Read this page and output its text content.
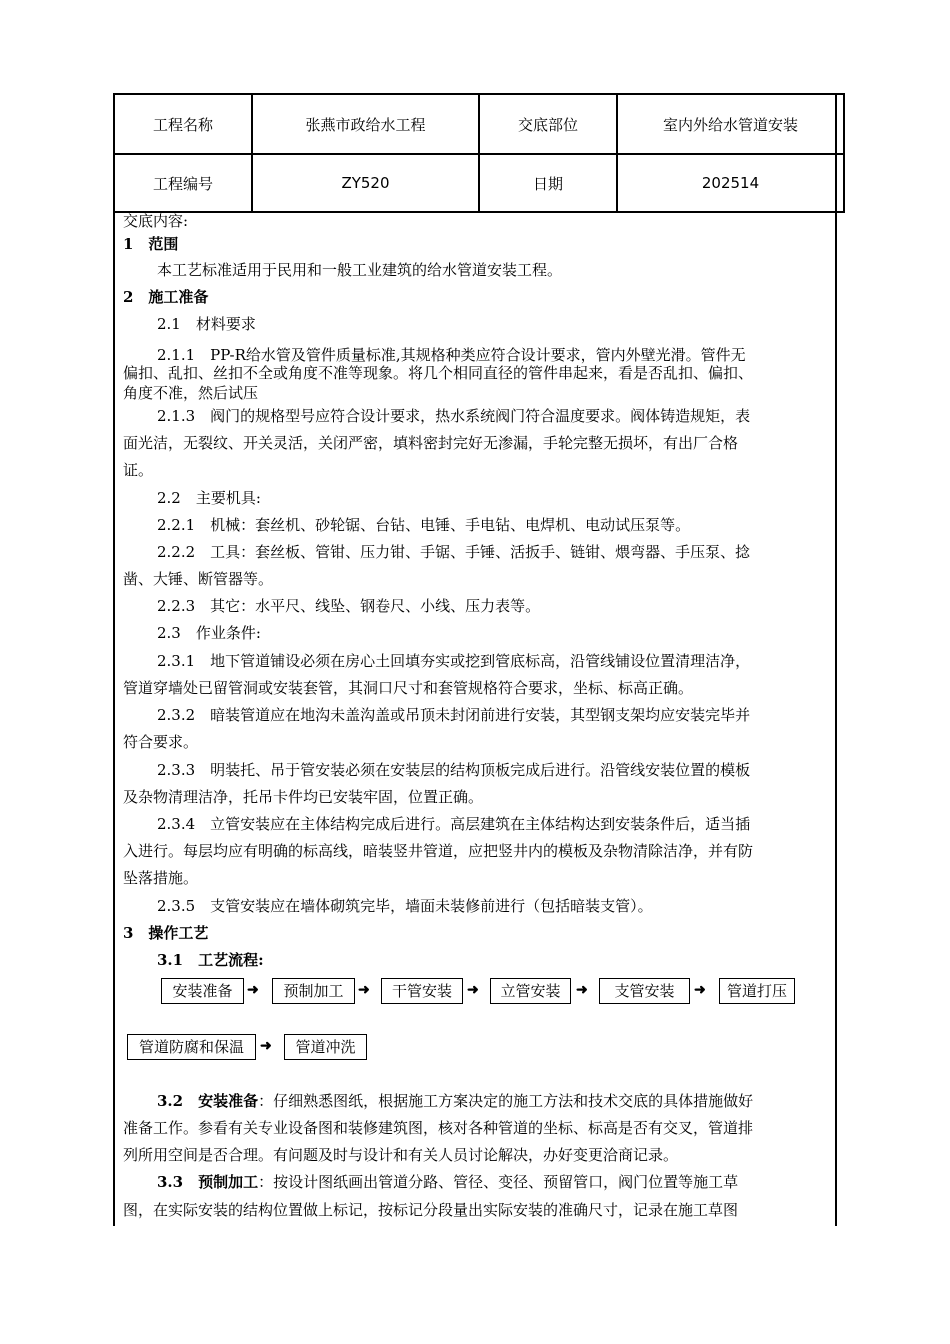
工程名称	张燕市政给水工程	交底部位	室内外给水管道安装
工程编号	ZY520	日期	202514
交底内容:
1　范围
本工艺标准适用于民用和一般工业建筑的给水管道安装工程。
2　施工准备
2.1　材料要求
2.1.1　PP-R给水管及管件质量标准,其规格种类应符合设计要求，管内外壁光滑。管件无
偏扣、乱扣、丝扣不全或角度不准等现象。将几个相同直径的管件串起来，看是否乱扣、偏扣、
角度不准，然后试压
2.1.3　阀门的规格型号应符合设计要求，热水系统阀门符合温度要求。阀体铸造规矩，表
面光洁，无裂纹、开关灵活，关闭严密，填料密封完好无渗漏，手轮完整无损坏，有出厂合格
证。
2.2　主要机具:
2.2.1　机械：套丝机、砂轮锯、台钻、电锤、手电钻、电焊机、电动试压泵等。
2.2.2　工具：套丝板、管钳、压力钳、手锯、手锤、活扳手、链钳、煨弯器、手压泵、捻
凿、大锤、断管器等。
2.2.3　其它：水平尺、线坠、钢卷尺、小线、压力表等。
2.3　作业条件:
2.3.1　地下管道铺设必须在房心土回填夯实或挖到管底标高，沿管线铺设位置清理洁净，
管道穿墙处已留管洞或安装套管，其洞口尺寸和套管规格符合要求，坐标、标高正确。
2.3.2　暗装管道应在地沟未盖沟盖或吊顶未封闭前进行安装，其型钢支架均应安装完毕并
符合要求。
2.3.3　明装托、吊于管安装必须在安装层的结构顶板完成后进行。沿管线安装位置的模板
及杂物清理洁净，托吊卡件均已安装牢固，位置正确。
2.3.4　立管安装应在主体结构完成后进行。高层建筑在主体结构达到安装条件后，适当插
入进行。每层均应有明确的标高线，暗装竖井管道，应把竖井内的模板及杂物清除洁净，并有防
坠落措施。
2.3.5　支管安装应在墙体砌筑完毕，墙面未装修前进行（包括暗装支管）。
3　操作工艺
3.1　工艺流程:
安装准备	➜	预制加工	➜	干管安装	➜	立管安装	➜	支管安装	➜	管道打压
管道防腐和保温	➜	管道冲洗
3.2　安装准备：仔细熟悉图纸，根据施工方案决定的施工方法和技术交底的具体措施做好
准备工作。参看有关专业设备图和装修建筑图，核对各种管道的坐标、标高是否有交叉，管道排
列所用空间是否合理。有问题及时与设计和有关人员讨论解决，办好变更洽商记录。
3.3　预制加工：按设计图纸画出管道分路、管径、变径、预留管口，阀门位置等施工草
图，在实际安装的结构位置做上标记，按标记分段量出实际安装的准确尺寸，记录在施工草图
